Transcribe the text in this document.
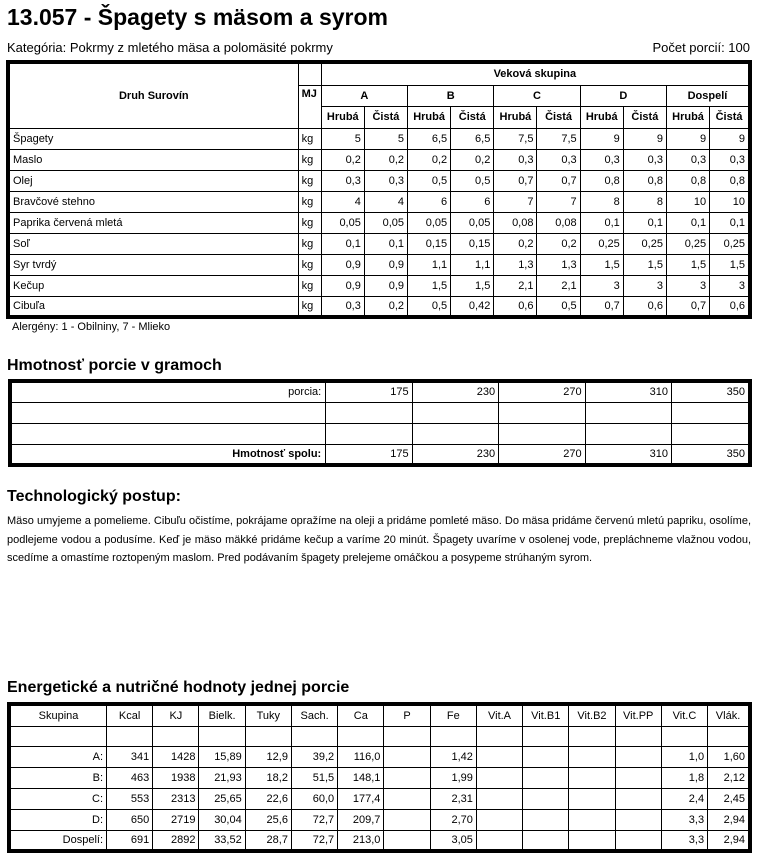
13.057 - Špagety s mäsom a syrom
Kategória: Pokrmy z mletého mäsa a polomäsité pokrmy	Počet porcií: 100
Druh Surovín		Veková skupina									
	MJ	A		B		C		D		Dospelí	
		Hrubá	Čistá	Hrubá	Čistá	Hrubá	Čistá	Hrubá	Čistá	Hrubá	Čistá
Špagety	kg	5	5	6,5	6,5	7,5	7,5	9	9	9	9
Maslo	kg	0,2	0,2	0,2	0,2	0,3	0,3	0,3	0,3	0,3	0,3
Olej	kg	0,3	0,3	0,5	0,5	0,7	0,7	0,8	0,8	0,8	0,8
Bravčové stehno	kg	4	4	6	6	7	7	8	8	10	10
Paprika červená mletá	kg	0,05	0,05	0,05	0,05	0,08	0,08	0,1	0,1	0,1	0,1
Soľ	kg	0,1	0,1	0,15	0,15	0,2	0,2	0,25	0,25	0,25	0,25
Syr tvrdý	kg	0,9	0,9	1,1	1,1	1,3	1,3	1,5	1,5	1,5	1,5
Kečup	kg	0,9	0,9	1,5	1,5	2,1	2,1	3	3	3	3
Cibuľa	kg	0,3	0,2	0,5	0,42	0,6	0,5	0,7	0,6	0,7	0,6
Alergény: 1 - Obilniny, 7 - Mlieko
Hmotnosť porcie v gramoch
porcia:	175	230	270	310	350

Hmotnosť spolu:	175	230	270	310	350
Technologický postup:
Mäso umyjeme a pomelieme. Cibuľu očistíme, pokrájame opražíme na oleji a pridáme pomleté mäso. Do mäsa pridáme červenú mletú papriku, osolíme, podlejeme vodou a podusíme. Keď je mäso mäkké pridáme kečup a varíme 20 minút. Špagety uvaríme v osolenej vode, prepláchneme vlažnou vodou, scedíme a omastíme roztopeným maslom. Pred podávaním špagety prelejeme omáčkou a posypeme strúhaným syrom.
Energetické a nutričné hodnoty jednej porcie
Skupina	Kcal	KJ	Bielk.	Tuky	Sach.	Ca	P	Fe	Vit.A	Vit.B1	Vit.B2	Vit.PP	Vit.C	Vlák.

A:	341	1428	15,89	12,9	39,2	116,0		1,42					1,0	1,60
B:	463	1938	21,93	18,2	51,5	148,1		1,99					1,8	2,12
C:	553	2313	25,65	22,6	60,0	177,4		2,31					2,4	2,45
D:	650	2719	30,04	25,6	72,7	209,7		2,70					3,3	2,94
Dospelí:	691	2892	33,52	28,7	72,7	213,0		3,05					3,3	2,94
